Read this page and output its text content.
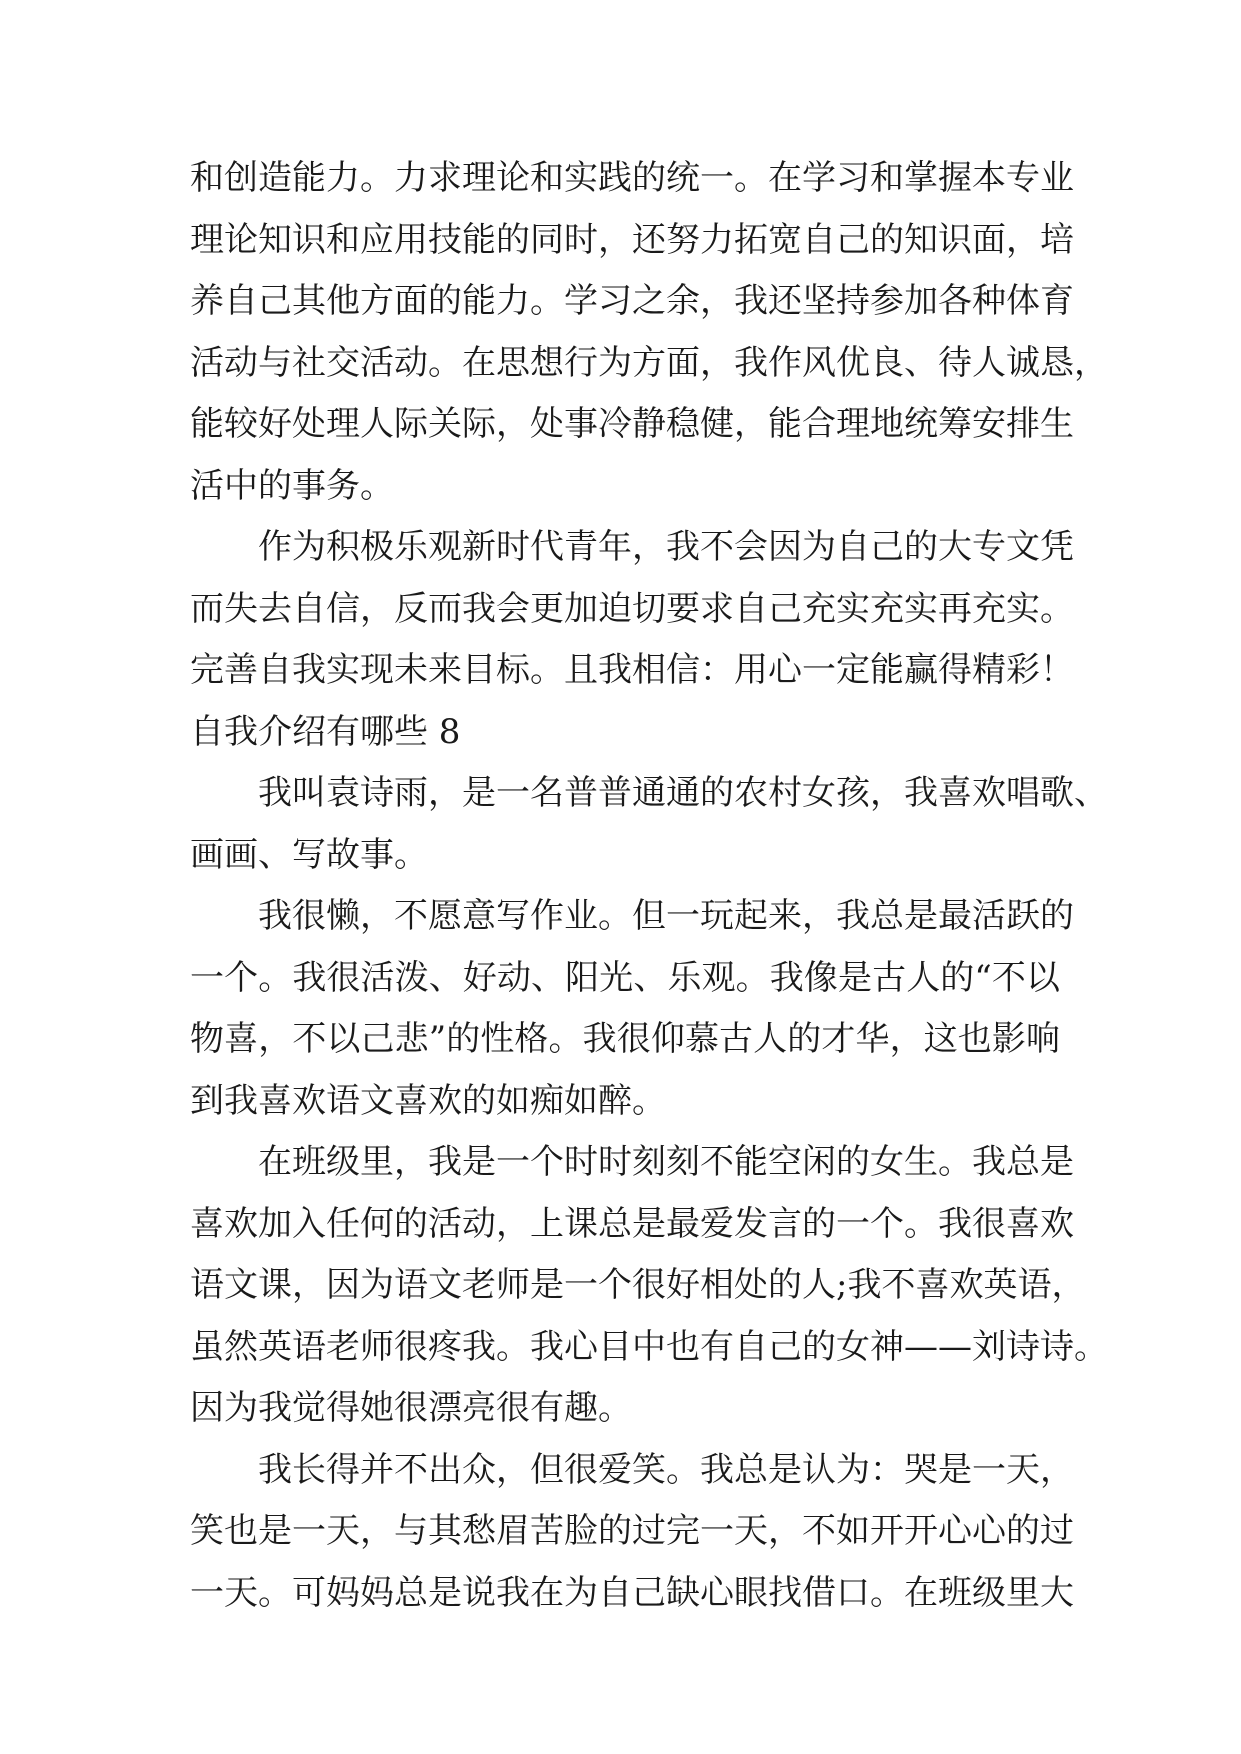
和创造能力。力求理论和实践的统一。在学习和掌握本专业
理论知识和应用技能的同时，还努力拓宽自己的知识面，培
养自己其他方面的能力。学习之余，我还坚持参加各种体育
活动与社交活动。在思想行为方面，我作风优良、待人诚恳，
能较好处理人际关际，处事冷静稳健，能合理地统筹安排生
活中的事务。
作为积极乐观新时代青年，我不会因为自己的大专文凭
而失去自信，反而我会更加迫切要求自己充实充实再充实。
完善自我实现未来目标。且我相信：用心一定能赢得精彩！
自我介绍有哪些 8
我叫袁诗雨，是一名普普通通的农村女孩，我喜欢唱歌、
画画、写故事。
我很懒，不愿意写作业。但一玩起来，我总是最活跃的
一个。我很活泼、好动、阳光、乐观。我像是古人的“不以
物喜，不以己悲”的性格。我很仰慕古人的才华，这也影响
到我喜欢语文喜欢的如痴如醉。
在班级里，我是一个时时刻刻不能空闲的女生。我总是
喜欢加入任何的活动，上课总是最爱发言的一个。我很喜欢
语文课，因为语文老师是一个很好相处的人;我不喜欢英语，
虽然英语老师很疼我。我心目中也有自己的女神——刘诗诗。
因为我觉得她很漂亮很有趣。
我长得并不出众，但很爱笑。我总是认为：哭是一天，
笑也是一天，与其愁眉苦脸的过完一天，不如开开心心的过
一天。可妈妈总是说我在为自己缺心眼找借口。在班级里大
